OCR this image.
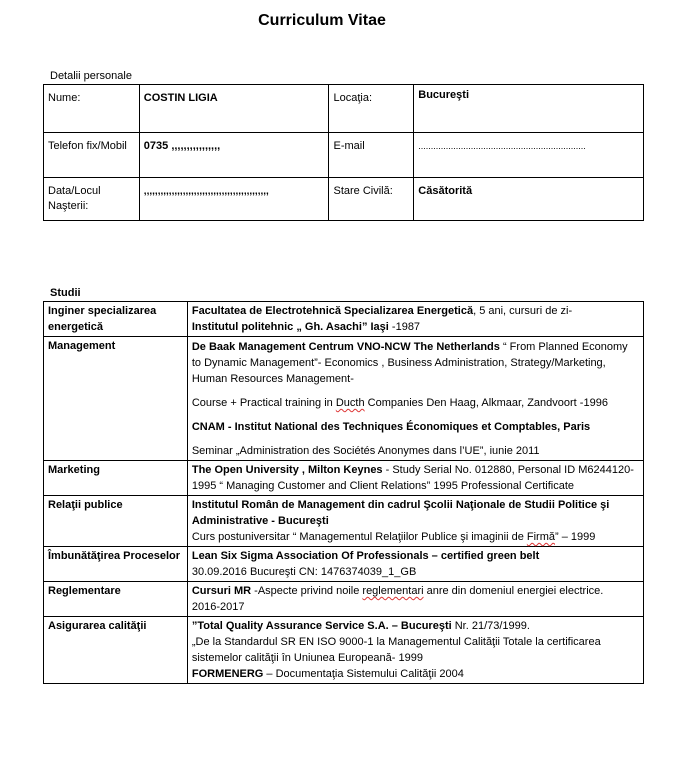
Curriculum Vitae
Detalii personale
Nume:	COSTIN LIGIA	Locaţia:	Bucureşti
Telefon fix/Mobil	0735 ,,,,,,,,,,,,,,,,	E-mail	...................................................................
Data/Locul Naşterii:	,,,,,,,,,,,,,,,,,,,,,,,,,,,,,,,,,,,,,,,,,,,,,	Stare Civilă:	Căsătorită
Studii
Inginer specializarea energetică	Facultatea de Electrotehnică Specializarea Energetică, 5 ani, cursuri de zi-
Institutul politehnic „ Gh. Asachi” Iaşi -1987

Management	De Baak Management Centrum VNO-NCW The Netherlands “ From Planned Economy to Dynamic Management”- Economics , Business Administration, Strategy/Marketing, Human Resources Management-
Course + Practical training in Ducth Companies Den Haag, Alkmaar, Zandvoort -1996
CNAM - Institut National des Techniques Économiques et Comptables, Paris
Seminar „Administration des Sociétés Anonymes dans l’UE”, iunie 2011

Marketing	The Open University , Milton Keynes - Study Serial No. 012880, Personal ID M6244120- 1995 “ Managing Customer and Client Relations” 1995 Professional Certificate
Relaţii publice	Institutul Român de Management din cadrul Şcolii Naţionale de Studii Politice şi Administrative - Bucureşti
Curs postuniversitar “ Managementul Relaţiilor Publice şi imaginii de Firmă” – 1999

Îmbunătăţirea Proceselor	Lean Six Sigma Association Of Professionals – certified green belt
30.09.2016 Bucureşti CN: 1476374039_1_GB

Reglementare	Cursuri MR -Aspecte privind noile reglementari anre din domeniul energiei electrice.
2016-2017

Asigurarea calităţii	”Total Quality Assurance Service S.A. – Bucureşti Nr. 21/73/1999.
„De la Standardul SR EN ISO 9000-1 la Managementul Calităţii Totale la certificarea sistemelor calităţii în Uniunea Europeană- 1999
FORMENERG – Documentaţia Sistemului Calităţii 2004
